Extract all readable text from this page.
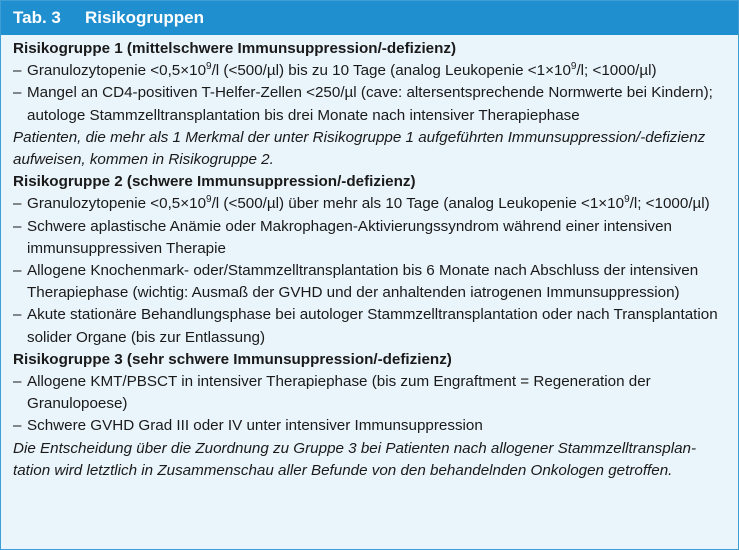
Tab. 3	Risikogruppen
Risikogruppe 1 (mittelschwere Immunsuppression/-defizienz)
– Granulozytopenie $<0,5\times 10^9/l$ (<500/µl) bis zu 10 Tage (analog Leukopenie $<1\times 10^9/l$; <1000/µl)
– Mangel an CD4-positiven T-Helfer-Zellen <250/µl (cave: altersentsprechende Normwerte bei Kindern); autologe Stammzelltransplantation bis drei Monate nach intensiver Therapiephase
Patienten, die mehr als 1 Merkmal der unter Risikogruppe 1 aufgeführten Immunsuppression/-defizienz aufweisen, kommen in Risikogruppe 2.
Risikogruppe 2 (schwere Immunsuppression/-defizienz)
– Granulozytopenie $<0,5\times 10^9/l$ (<500/µl) über mehr als 10 Tage (analog Leukopenie $<1\times 10^9/l$; <1000/µl)
– Schwere aplastische Anämie oder Makrophagen-Aktivierungssyndrom während einer intensiven immunsuppressiven Therapie
– Allogene Knochenmark- oder/Stammzelltransplantation bis 6 Monate nach Abschluss der intensiven Therapiephase (wichtig: Ausmaß der GVHD und der anhaltenden iatrogenen Immunsuppression)
– Akute stationäre Behandlungsphase bei autologer Stammzelltransplantation oder nach Transplantation solider Organe (bis zur Entlassung)
Risikogruppe 3 (sehr schwere Immunsuppression/-defizienz)
– Allogene KMT/PBSCT in intensiver Therapiephase (bis zum Engraftment = Regeneration der Granulopoese)
– Schwere GVHD Grad III oder IV unter intensiver Immunsuppression
Die Entscheidung über die Zuordnung zu Gruppe 3 bei Patienten nach allogener Stammzelltransplan-tation wird letztlich in Zusammenschau aller Befunde von den behandelnden Onkologen getroffen.
